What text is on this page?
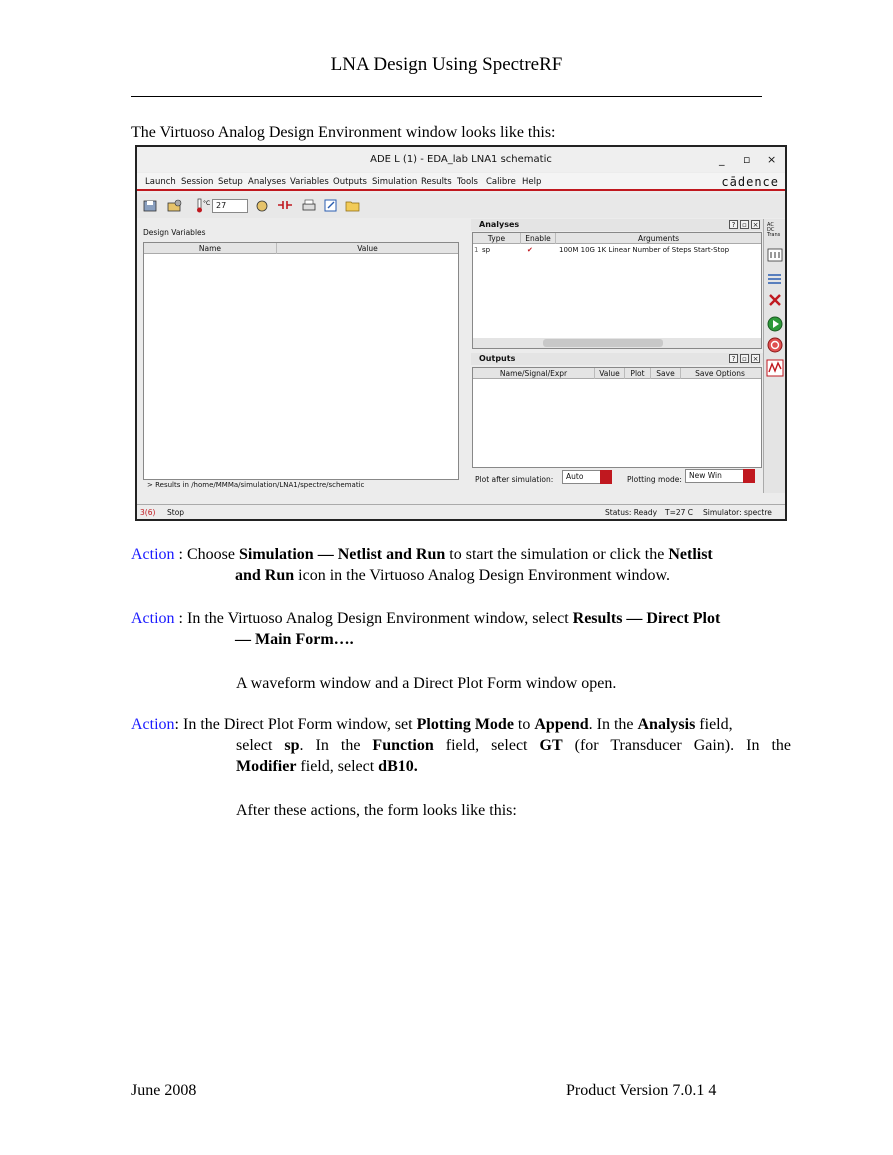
LNA Design Using SpectreRF
The Virtuoso Analog Design Environment window looks like this:
ADE L (1) - EDA_lab LNA1 schematic	_ ▫ ×
Launch Session Setup Analyses Variables Outputs Simulation Results Tools Calibre Help	cādence
°C 27
Design Variables
Name	Value
> Results in /home/MMMa/simulation/LNA1/spectre/schematic
Analyses	? ▫ ×
Type	Enable	Arguments
1 sp	✔	100M 10G 1K Linear Number of Steps Start-Stop
Outputs	? ▫ ×
Name/Signal/Expr	Value	Plot	Save	Save Options
Plot after simulation:	Auto	Plotting mode: New Win
AC
DC
Trans
3(6) Stop	Status: Ready T=27 C Simulator: spectre
Action : Choose Simulation — Netlist and Run to start the simulation or click the Netlist
and Run icon in the Virtuoso Analog Design Environment window.
Action : In the Virtuoso Analog Design Environment window, select Results — Direct Plot
— Main Form….
A waveform window and a Direct Plot Form window open.
Action: In the Direct Plot Form window, set Plotting Mode to Append. In the Analysis field,
select sp. In the Function field, select GT (for Transducer Gain). In the
Modifier field, select dB10.
After these actions, the form looks like this:
June 2008	Product Version 7.0.1 4
